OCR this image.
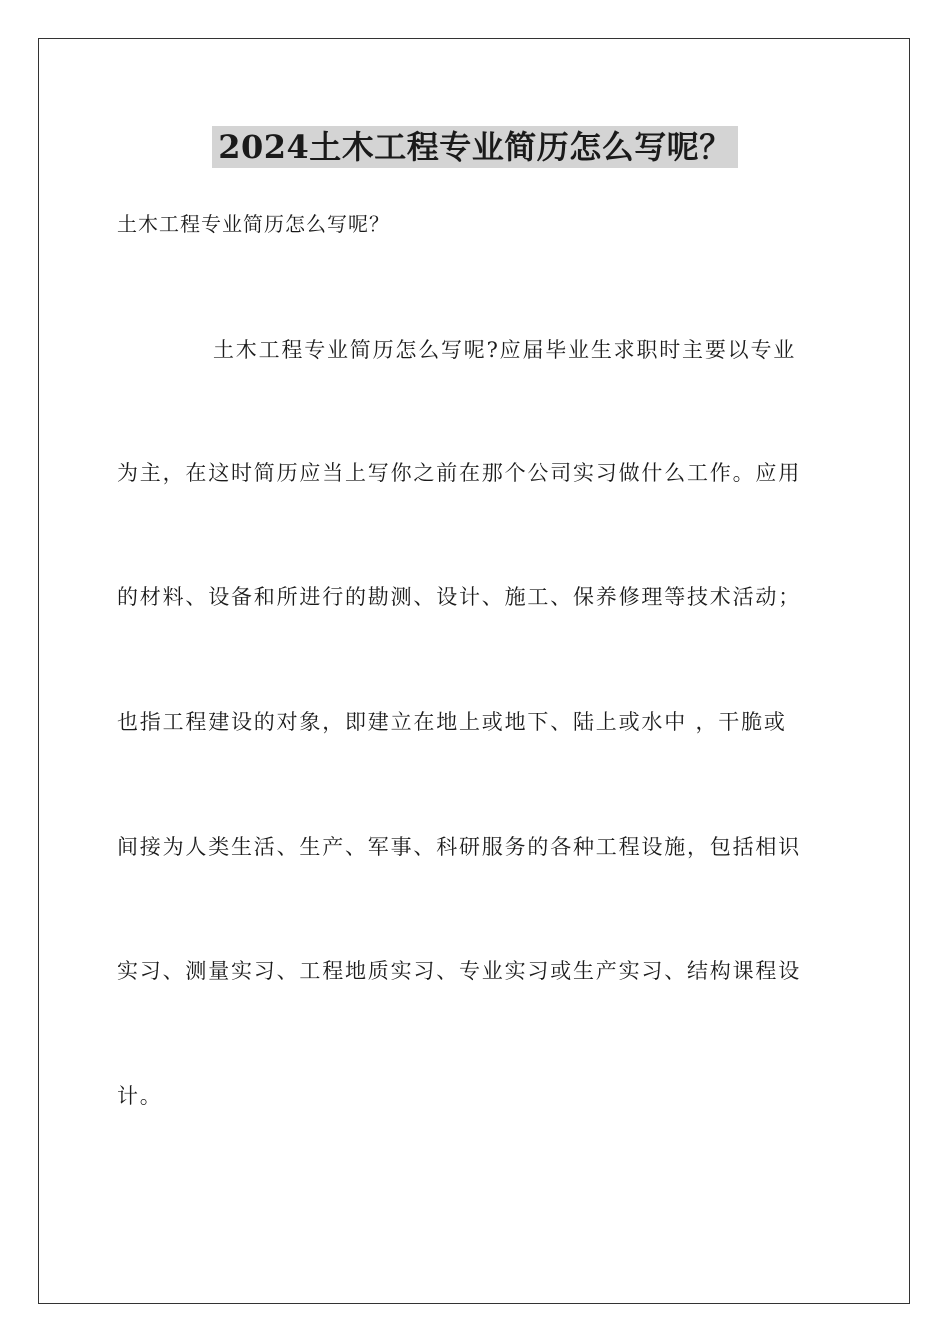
2024土木工程专业简历怎么写呢？
土木工程专业简历怎么写呢？
土木工程专业简历怎么写呢?应届毕业生求职时主要以专业
为主，在这时简历应当上写你之前在那个公司实习做什么工作。应用
的材料、设备和所进行的勘测、设计、施工、保养修理等技术活动；
也指工程建设的对象，即建立在地上或地下、陆上或水中 ，干脆或
间接为人类生活、生产、军事、科研服务的各种工程设施，包括相识
实习、测量实习、工程地质实习、专业实习或生产实习、结构课程设
计。
